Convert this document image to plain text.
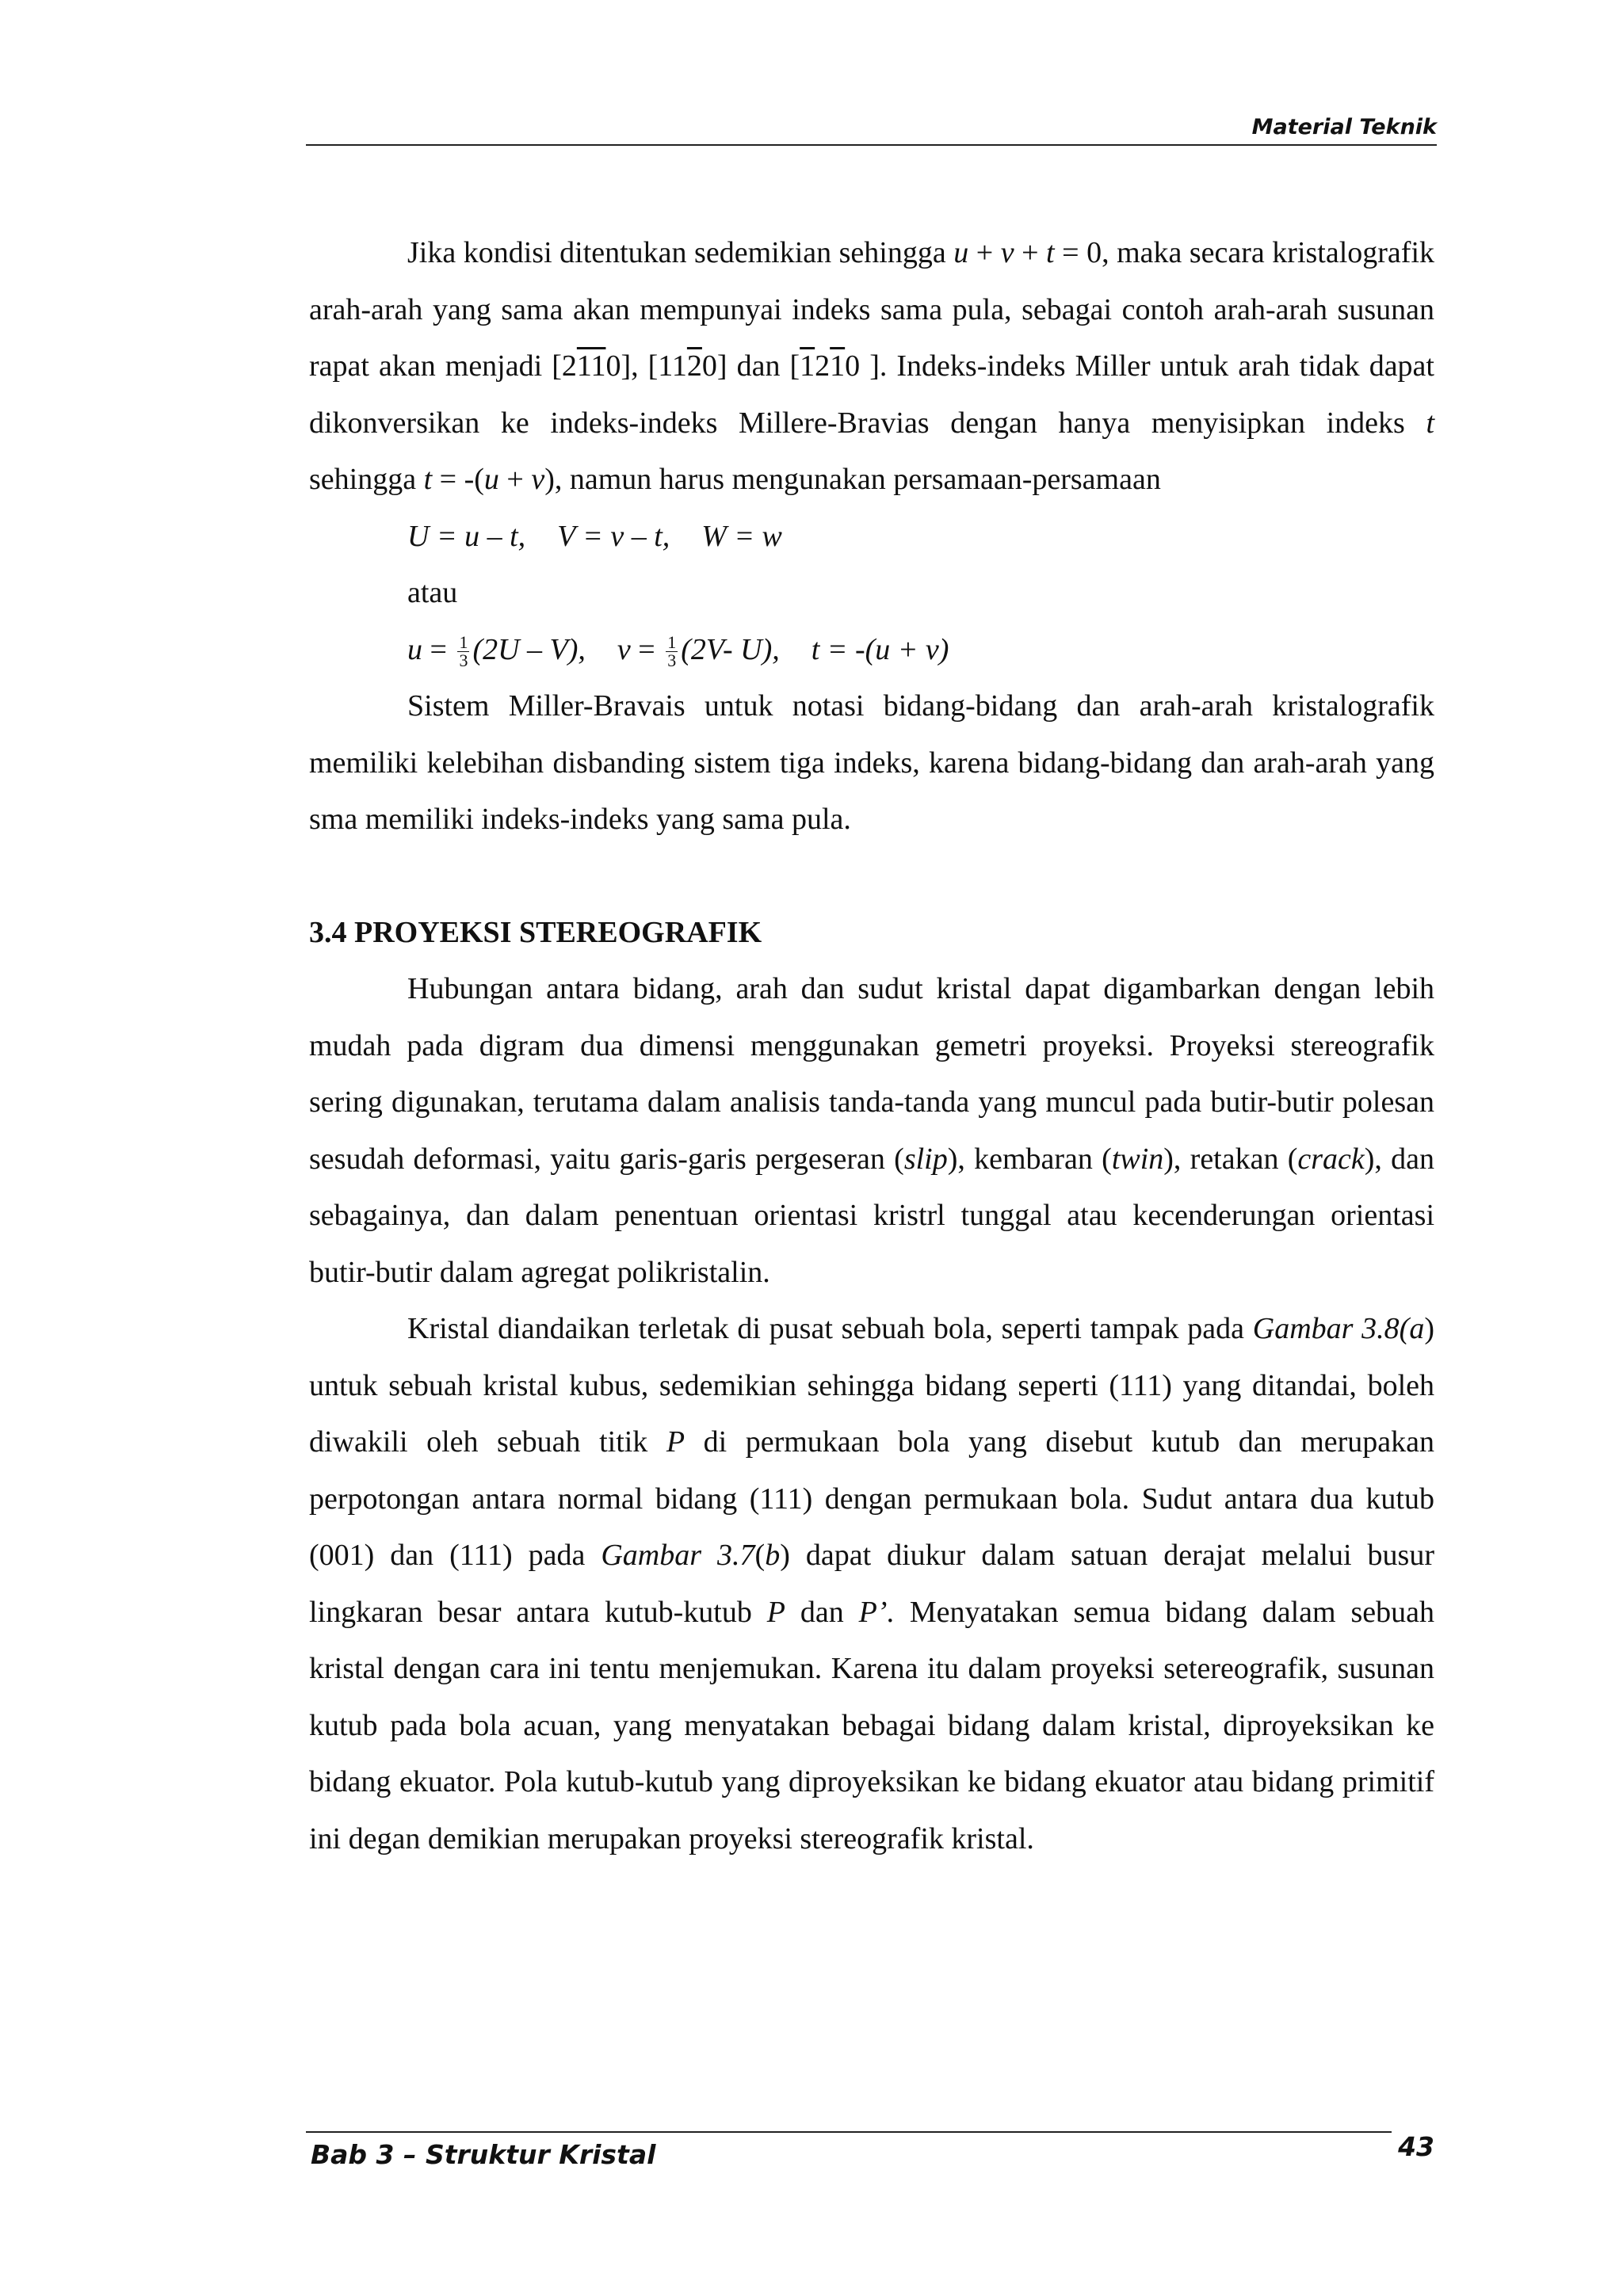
Material Teknik

Jika kondisi ditentukan sedemikian sehingga u + v + t = 0, maka secara kristalografik arah-arah yang sama akan mempunyai indeks sama pula, sebagai contoh arah-arah susunan rapat akan menjadi [2110], [1120] dan [1210 ]. Indeks-indeks Miller untuk arah tidak dapat dikonversikan ke indeks-indeks Millere-Bravias dengan hanya menyisipkan indeks t sehingga t = -(u + v), namun harus mengunakan persamaan-persamaan

U = u – t, V = v – t, W = w
atau
$u = \frac{1}{3} (2U - V)$, $v = \frac{1}{3} (2V-$ U), t = -(u + v)

Sistem Miller-Bravais untuk notasi bidang-bidang dan arah-arah kristalografik memiliki kelebihan disbanding sistem tiga indeks, karena bidang-bidang dan arah-arah yang sma memiliki indeks-indeks yang sama pula.

3.4 PROYEKSI STEREOGRAFIK

Hubungan antara bidang, arah dan sudut kristal dapat digambarkan dengan lebih mudah pada digram dua dimensi menggunakan gemetri proyeksi. Proyeksi stereografik sering digunakan, terutama dalam analisis tanda-tanda yang muncul pada butir-butir polesan sesudah deformasi, yaitu garis-garis pergeseran (slip), kembaran (twin), retakan (crack), dan sebagainya, dan dalam penentuan orientasi kristrl tunggal atau kecenderungan orientasi butir-butir dalam agregat polikristalin.

Kristal diandaikan terletak di pusat sebuah bola, seperti tampak pada Gambar 3.8(a) untuk sebuah kristal kubus, sedemikian sehingga bidang seperti (111) yang ditandai, boleh diwakili oleh sebuah titik P di permukaan bola yang disebut kutub dan merupakan perpotongan antara normal bidang (111) dengan permukaan bola. Sudut antara dua kutub (001) dan (111) pada Gambar 3.7(b) dapat diukur dalam satuan derajat melalui busur lingkaran besar antara kutub-kutub P dan P’. Menyatakan semua bidang dalam sebuah kristal dengan cara ini tentu menjemukan. Karena itu dalam proyeksi setereografik, susunan kutub pada bola acuan, yang menyatakan bebagai bidang dalam kristal, diproyeksikan ke bidang ekuator. Pola kutub-kutub yang diproyeksikan ke bidang ekuator atau bidang primitif ini degan demikian merupakan proyeksi stereografik kristal.

Bab 3 – Struktur Kristal	43
